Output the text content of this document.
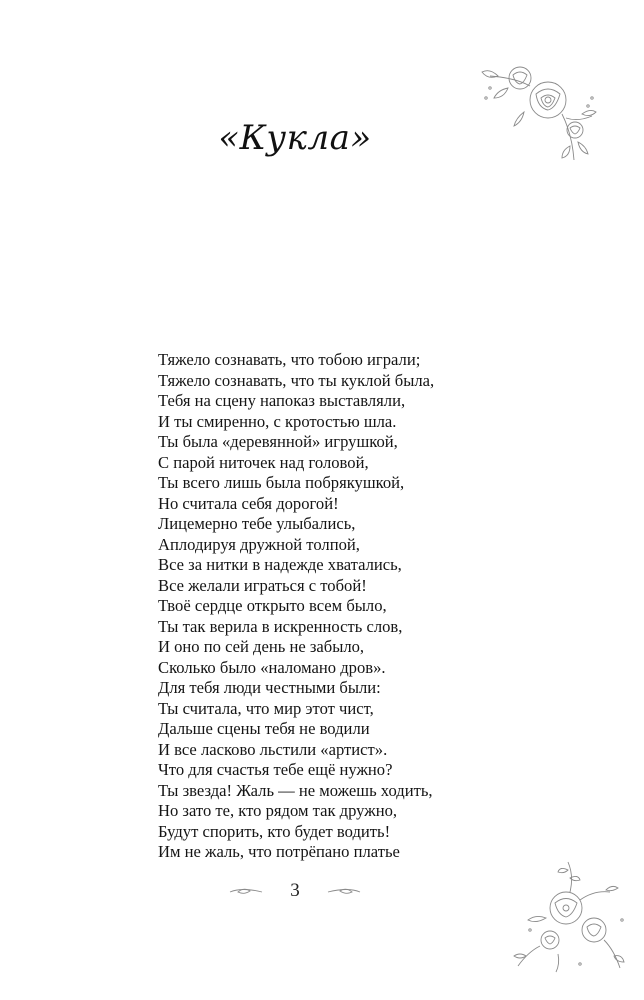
«Кукла»
Тяжело сознавать, что тобою играли;
Тяжело сознавать, что ты куклой была,
Тебя на сцену напоказ выставляли,
И ты смиренно, с кротостью шла.
Ты была «деревянной» игрушкой,
С парой ниточек над головой,
Ты всего лишь была побрякушкой,
Но считала себя дорогой!
Лицемерно тебе улыбались,
Аплодируя дружной толпой,
Все за нитки в надежде хватались,
Все желали играться с тобой!
Твоё сердце открыто всем было,
Ты так верила в искренность слов,
И оно по сей день не забыло,
Сколько было «наломано дров».
Для тебя люди честными были:
Ты считала, что мир этот чист,
Дальше сцены тебя не водили
И все ласково льстили «артист».
Что для счастья тебе ещё нужно?
Ты звезда! Жаль — не можешь ходить,
Но зато те, кто рядом так дружно,
Будут спорить, кто будет водить!
Им не жаль, что потрёпано платье
3
